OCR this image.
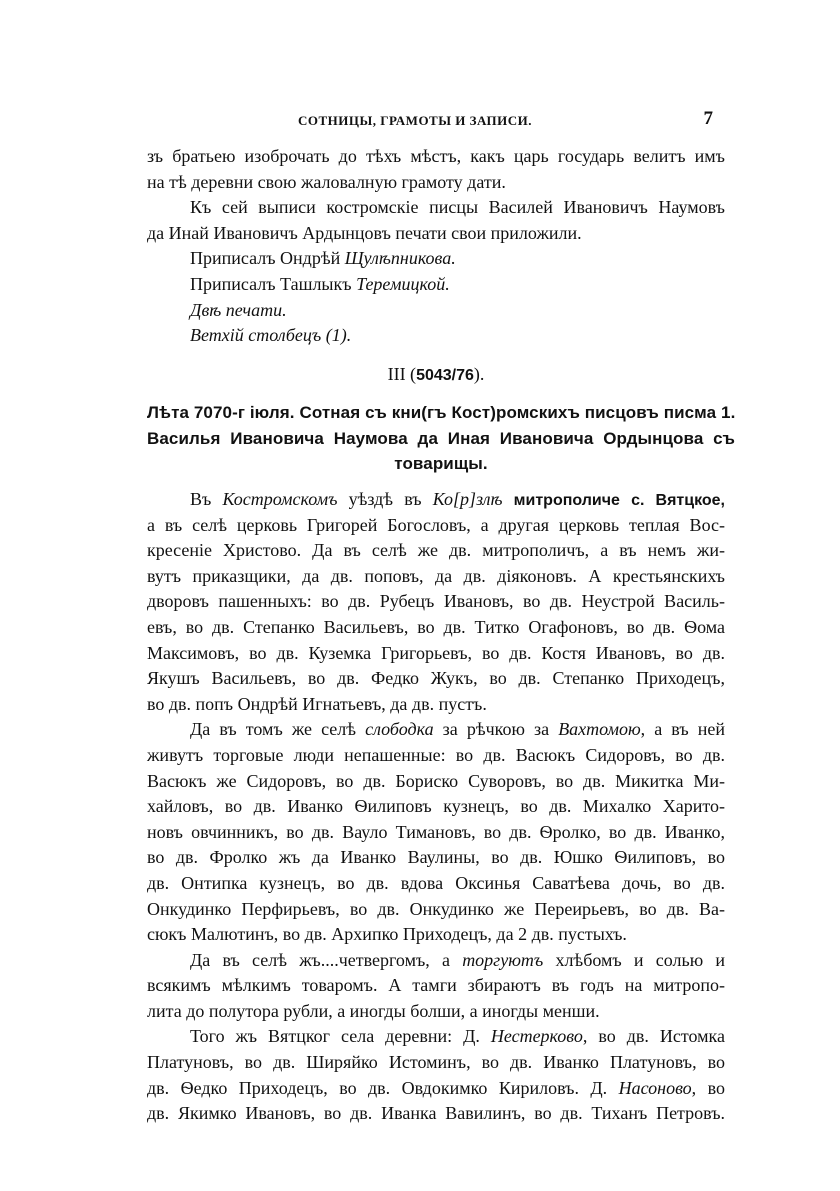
СОТНИЦЫ, ГРАМОТЫ И ЗАПИСИ.	7
зъ братьею изоброчать до тѣхъ мѣстъ, какъ царь государь велитъ имъ
на тѣ деревни свою жаловалную грамоту дати.
Къ сей выписи костромскіе писцы Василей Ивановичъ Наумовъ
да Инай Ивановичъ Ардынцовъ печати свои приложили.
Приписалъ Ондрѣй Щулѣпникова.
Приписалъ Ташлыкъ Теремицкой.
Двѣ печати.
Ветхій столбецъ (1).
III (5043/76).
Лѣта 7070-г іюля. Сотная съ кни(гъ Кост)ромскихъ писцовъ писма 1.
Василья Ивановича Наумова да Иная Ивановича Ордынцова съ
товарищы.
Въ Костромскомъ уѣздѣ въ Ко[р]злѣ митрополиче с. Вятцкое,
а въ селѣ церковь Григорей Богословъ, а другая церковь теплая Вос-
кресеніе Христово. Да въ селѣ же дв. митрополичъ, а въ немъ жи-
вутъ приказщики, да дв. поповъ, да дв. діяконовъ. А крестьянскихъ
дворовъ пашенныхъ: во дв. Рубецъ Ивановъ, во дв. Неустрой Василь-
евъ, во дв. Степанко Васильевъ, во дв. Титко Огафоновъ, во дв. Ѳома
Максимовъ, во дв. Куземка Григорьевъ, во дв. Костя Ивановъ, во дв.
Якушъ Васильевъ, во дв. Федко Жукъ, во дв. Степанко Приходецъ,
во дв. попъ Ондрѣй Игнатьевъ, да дв. пустъ.
Да въ томъ же селѣ слободка за рѣчкою за Вахтомою, а въ ней
живутъ торговые люди непашенные: во дв. Васюкъ Сидоровъ, во дв.
Васюкъ же Сидоровъ, во дв. Бориско Суворовъ, во дв. Микитка Ми-
хайловъ, во дв. Иванко Ѳилиповъ кузнецъ, во дв. Михалко Харито-
новъ овчинникъ, во дв. Вауло Тимановъ, во дв. Ѳролко, во дв. Иванко,
во дв. Фролко жъ да Иванко Ваулины, во дв. Юшко Ѳилиповъ, во
дв. Онтипка кузнецъ, во дв. вдова Оксинья Саватѣева дочь, во дв.
Онкудинко Перфирьевъ, во дв. Онкудинко же Переирьевъ, во дв. Ва-
сюкъ Малютинъ, во дв. Архипко Приходецъ, да 2 дв. пустыхъ.
Да въ селѣ жъ....четвергомъ, а торгуютъ хлѣбомъ и солью и
всякимъ мѣлкимъ товаромъ. А тамги збираютъ въ годъ на митропо-
лита до полутора рубли, а иногды болши, а иногды менши.
Того жъ Вятцког села деревни: Д. Нестерково, во дв. Истомка
Платуновъ, во дв. Ширяйко Истоминъ, во дв. Иванко Платуновъ, во
дв. Ѳедко Приходецъ, во дв. Овдокимко Кириловъ. Д. Насоново, во
дв. Якимко Ивановъ, во дв. Иванка Вавилинъ, во дв. Тиханъ Петровъ.
